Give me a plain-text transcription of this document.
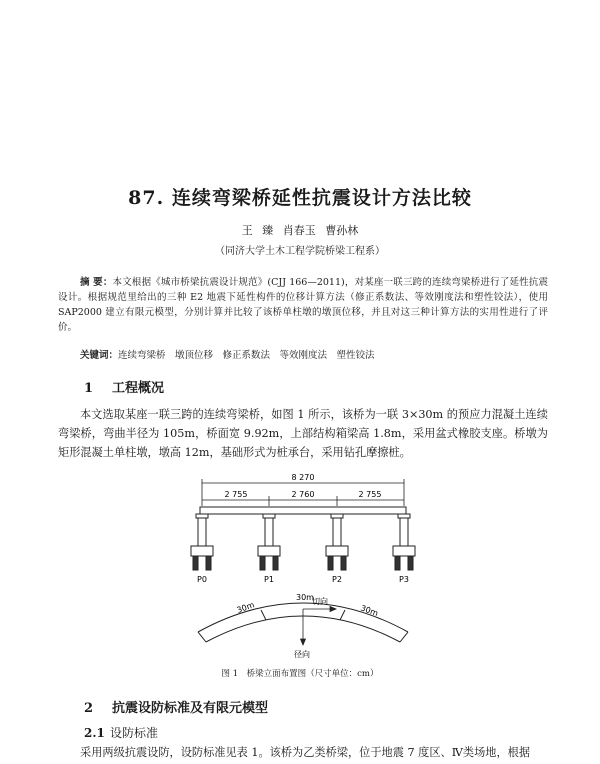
87. 连续弯梁桥延性抗震设计方法比较
王 臻 肖春玉 曹孙林
（同济大学土木工程学院桥梁工程系）
摘 要：本文根据《城市桥梁抗震设计规范》(CJJ 166—2011)，对某座一联三跨的连续弯梁桥进行了延性抗震设计。根据规范里给出的三种 E2 地震下延性构件的位移计算方法（修正系数法、等效刚度法和塑性铰法），使用 SAP2000 建立有限元模型，分别计算并比较了该桥单柱墩的墩顶位移，并且对这三种计算方法的实用性进行了评价。
关键词：连续弯梁桥　墩顶位移　修正系数法　等效刚度法　塑性铰法
1 工程概况
本文选取某座一联三跨的连续弯梁桥，如图 1 所示，该桥为一联 3×30m 的预应力混凝土连续弯梁桥，弯曲半径为 105m，桥面宽 9.92m，上部结构箱梁高 1.8m，采用盆式橡胶支座。桥墩为矩形混凝土单柱墩，墩高 12m，基础形式为桩承台，采用钻孔摩擦桩。
8 270
2 755	2 760	2 755
P0	P1	P2	P3
30m
30m
30m
切向
径向
图 1　桥梁立面布置图（尺寸单位：cm）
2 抗震设防标准及有限元模型
2.1 设防标准
采用两级抗震设防，设防标准见表 1。该桥为乙类桥梁，位于地震 7 度区、Ⅳ类场地，根据
